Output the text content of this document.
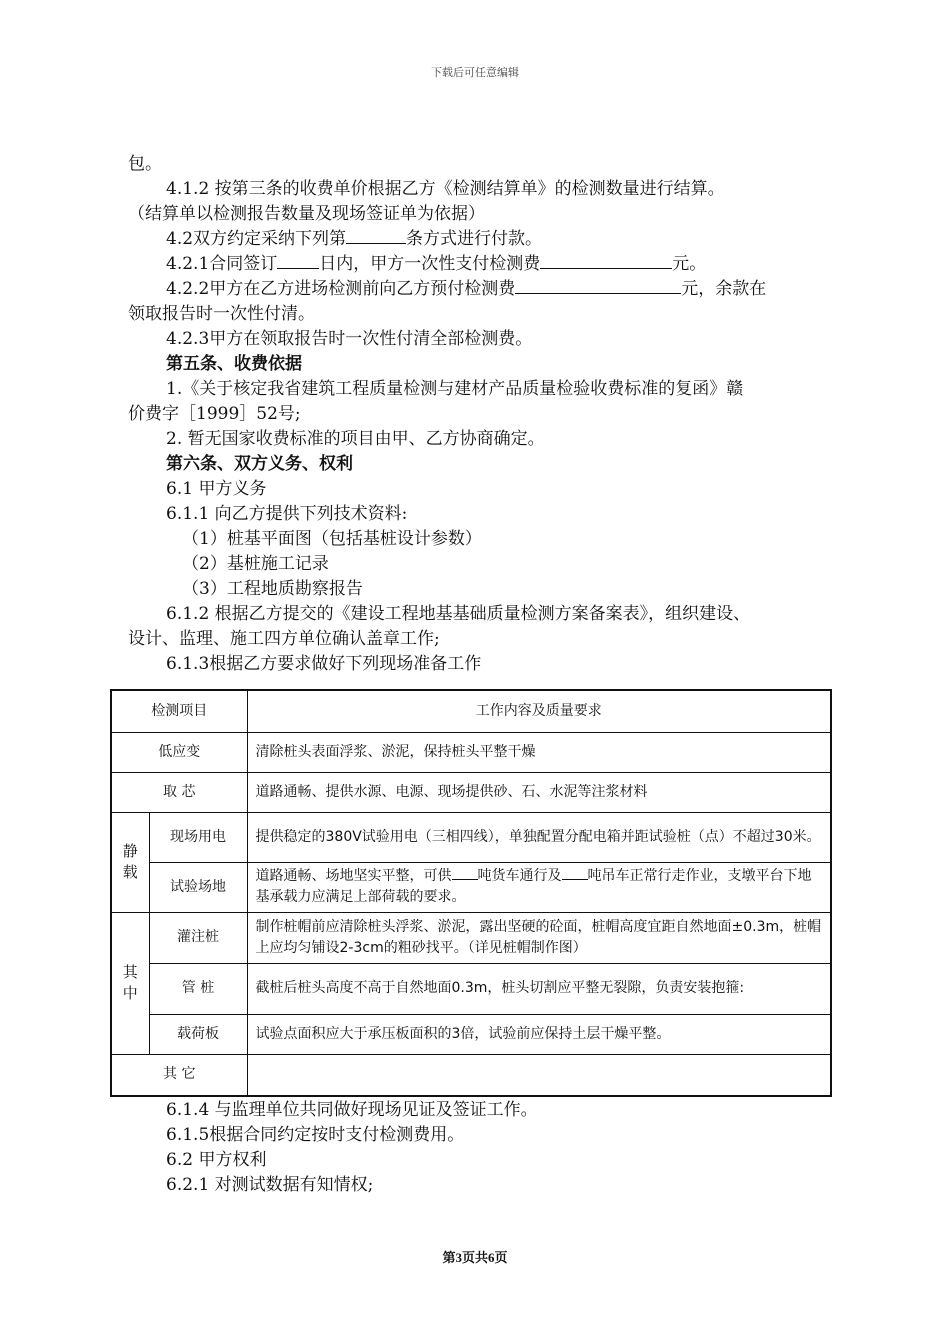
下载后可任意编辑

包。

4.1.2 按第三条的收费单价根据乙方《检测结算单》的检测数量进行结算。

（结算单以检测报告数量及现场签证单为依据）

4.2双方约定采纳下列第	条方式进行付款。

4.2.1合同签订 日内，甲方一次性支付检测费	元。

4.2.2甲方在乙方进场检测前向乙方预付检测费	元，余款在

领取报告时一次性付清。

4.2.3甲方在领取报告时一次性付清全部检测费。

第五条、收费依据

1.《关于核定我省建筑工程质量检测与建材产品质量检验收费标准的复函》赣

价费字［1999］52号;

2. 暂无国家收费标准的项目由甲、乙方协商确定。

第六条、双方义务、权利

6.1 甲方义务

6.1.1 向乙方提供下列技术资料:

（1）桩基平面图（包括基桩设计参数）

（2）基桩施工记录

（3）工程地质勘察报告

6.1.2 根据乙方提交的《建设工程地基基础质量检测方案备案表》，组织建设、

设计、监理、施工四方单位确认盖章工作;

6.1.3根据乙方要求做好下列现场准备工作

检测项目		工作内容及质量要求
低应变		清除桩头表面浮浆、淤泥，保持桩头平整干燥
取 芯		道路通畅、提供水源、电源、现场提供砂、石、水泥等注浆材料
静
载	现场用电	提供稳定的380V试验用电（三相四线），单独配置分配电箱并距试验桩（点）不超过30米。
	试验场地	道路通畅、场地坚实平整，可供 吨货车通行及 吨吊车正常行走作业，支墩平台下地基承载力应满足上部荷载的要求。
其
中	灌注桩	制作桩帽前应清除桩头浮浆、淤泥，露出坚硬的砼面，桩帽高度宜距自然地面±0.3m，桩帽上应均匀铺设2-3cm的粗砂找平。（详见桩帽制作图）
	管 桩	截桩后桩头高度不高于自然地面0.3m，桩头切割应平整无裂隙，负责安装抱箍:
	载荷板	试验点面积应大于承压板面积的3倍，试验前应保持土层干燥平整。
其 它		

6.1.4 与监理单位共同做好现场见证及签证工作。

6.1.5根据合同约定按时支付检测费用。

6.2 甲方权利

6.2.1 对测试数据有知情权;

第3页共6页
